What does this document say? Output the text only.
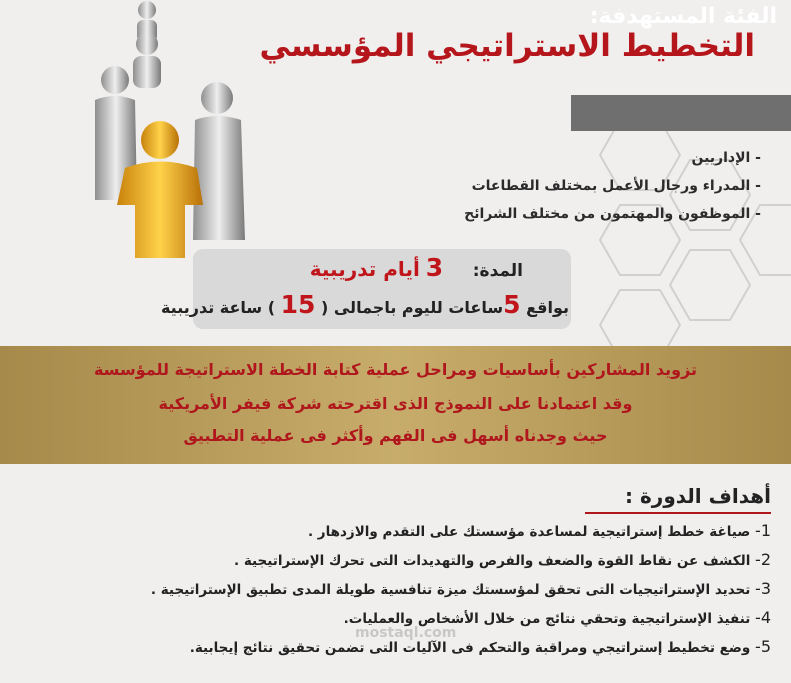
التخطيط الاستراتيجي المؤسسي
الفئة المستهدفة:
- الإداريين
- المدراء ورجال الأعمل بمختلف القطاعات
- الموظفون والمهتمون من مختلف الشرائح
المدة:     3 أيام تدريبية
بواقع 5ساعات لليوم باجمالى ( 15 ) ساعة تدريبية
تزويد المشاركين بأساسيات ومراحل عملية كتابة الخطة الاستراتيجة للمؤسسة
وقد اعتمادنا على النموذج الذى اقترحته شركة فيفر الأمريكية
حيث وجدناه أسهل فى الفهم وأكثر فى عملية التطبيق
أهداف الدورة :
1- صياغة خطط إستراتيجية لمساعدة مؤسستك على التقدم والازدهار .
2- الكشف عن نقاط القوة والضعف والفرص والتهديدات التى تحرك الإستراتيجية .
3- تحديد الإستراتيجيات التى تحقق لمؤسستك ميزة تنافسية طويلة المدى تطبيق الإستراتيجية .
4- تنفيذ الإستراتيجية وتحقي نتائج من خلال الأشخاص والعمليات.
5- وضع تخطيط إستراتيجي ومراقبة والتحكم فى الآليات التى تضمن تحقيق نتائج إيجابية.
mostaql.com
